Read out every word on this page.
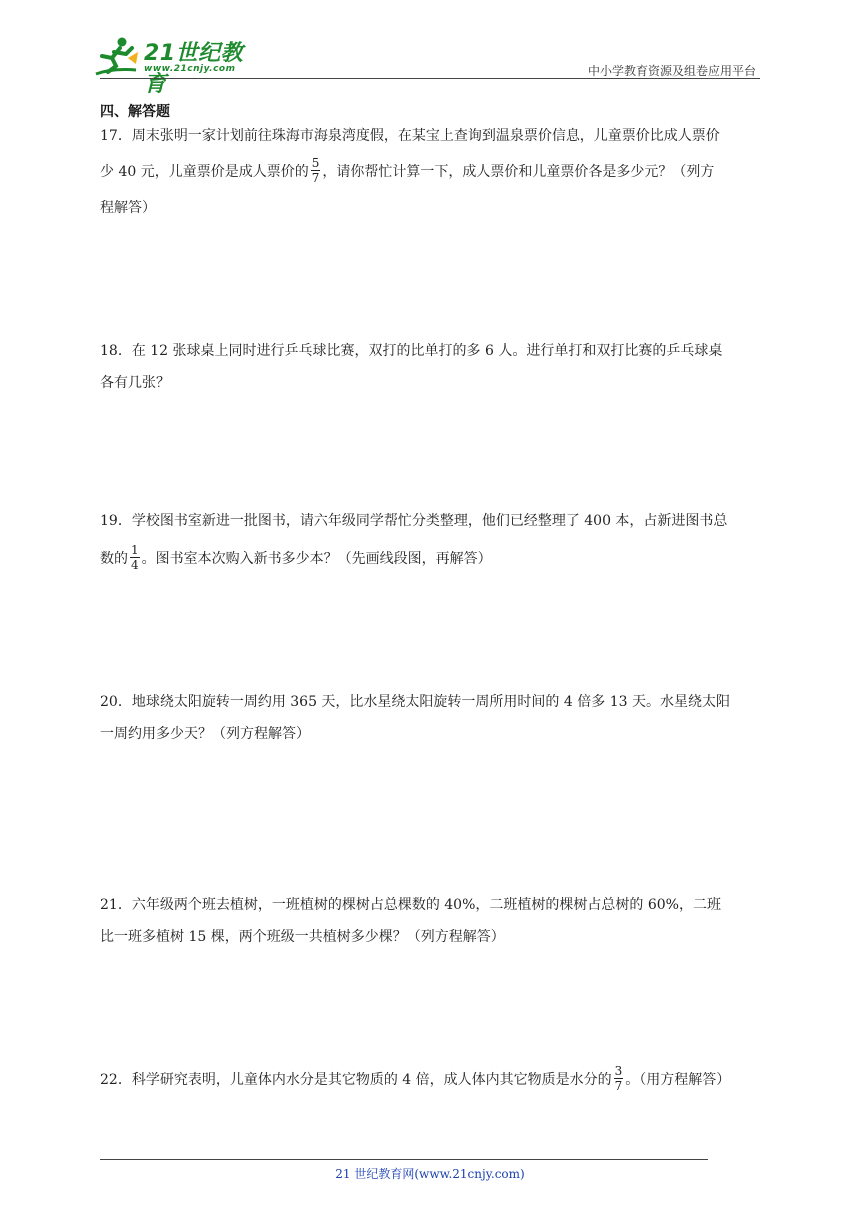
21世纪教育
www.21cnjy.com	中小学教育资源及组卷应用平台
四、解答题

17．周末张明一家计划前往珠海市海泉湾度假，在某宝上查询到温泉票价信息，儿童票价比成人票价

少 40 元，儿童票价是成人票价的 $\frac{5}{7}$ ，请你帮忙计算一下，成人票价和儿童票价各是多少元？（列方

程解答）

18．在 12 张球桌上同时进行乒乓球比赛，双打的比单打的多 6 人。进行单打和双打比赛的乒乓球桌

各有几张？

19．学校图书室新进一批图书，请六年级同学帮忙分类整理，他们已经整理了 400 本，占新进图书总

数的 $\frac{1}{4}$ 。图书室本次购入新书多少本？（先画线段图，再解答）

20．地球绕太阳旋转一周约用 365 天，比水星绕太阳旋转一周所用时间的 4 倍多 13 天。水星绕太阳

一周约用多少天？（列方程解答）

21．六年级两个班去植树，一班植树的棵树占总棵数的 40%，二班植树的棵树占总树的 60%，二班

比一班多植树 15 棵，两个班级一共植树多少棵？（列方程解答）

22．科学研究表明，儿童体内水分是其它物质的 4 倍，成人体内其它物质是水分的 $\frac{3}{7}$ 。（用方程解答）

21 世纪教育网(www.21cnjy.com)
